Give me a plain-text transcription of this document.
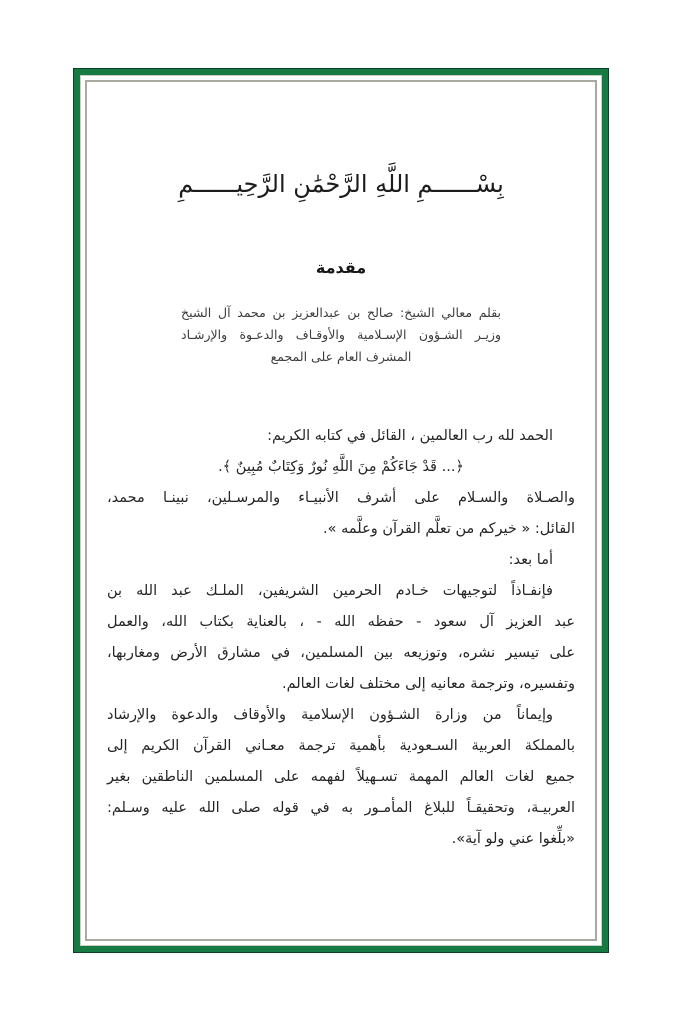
بِسْــــــمِ اللَّهِ الرَّحْمَٰنِ الرَّحِيــــــمِ
مقدمة
بقلم معالي الشيخ: صالح بن عبدالعزيز بن محمد آل الشيخ
وزيـر الشـؤون الإسـلامية والأوقـاف والدعـوة والإرشـاد
المشرف العام على المجمع
الحمد لله رب العالمين ، القائل في كتابه الكريم:
﴿... قَدْ جَاءَكُمْ مِنَ اللَّهِ نُورٌ وَكِتَابٌ مُبِينٌ ﴾.
والصـلاة والسـلام على أشرف الأنبيـاء والمرسـلين، نبينـا محمد،
القائل: « خيركم من تعلَّم القرآن وعلَّمه ».
أما بعد:
فإنفـاذاً لتوجيهات خـادم الحرمين الشريفين، الملـك عبد الله بن
عبد العزيز آل سعود - حفظه الله - ، بالعناية بكتاب الله، والعمل
على تيسير نشره، وتوزيعه بين المسلمين، في مشارق الأرض ومغاربها،
وتفسيره، وترجمة معانيه إلى مختلف لغات العالم.
وإيماناً من وزارة الشـؤون الإسلامية والأوقاف والدعوة والإرشاد
بالمملكة العربية السـعودية بأهمية ترجمة معـاني القرآن الكريم إلى
جميع لغات العالم المهمة تسـهيلاً لفهمه على المسلمين الناطقين بغير
العربيـة، وتحقيقـاً للبلاغ المأمـور به في قوله صلى الله عليه وسـلم:
«بلِّغوا عني ولو آية».
